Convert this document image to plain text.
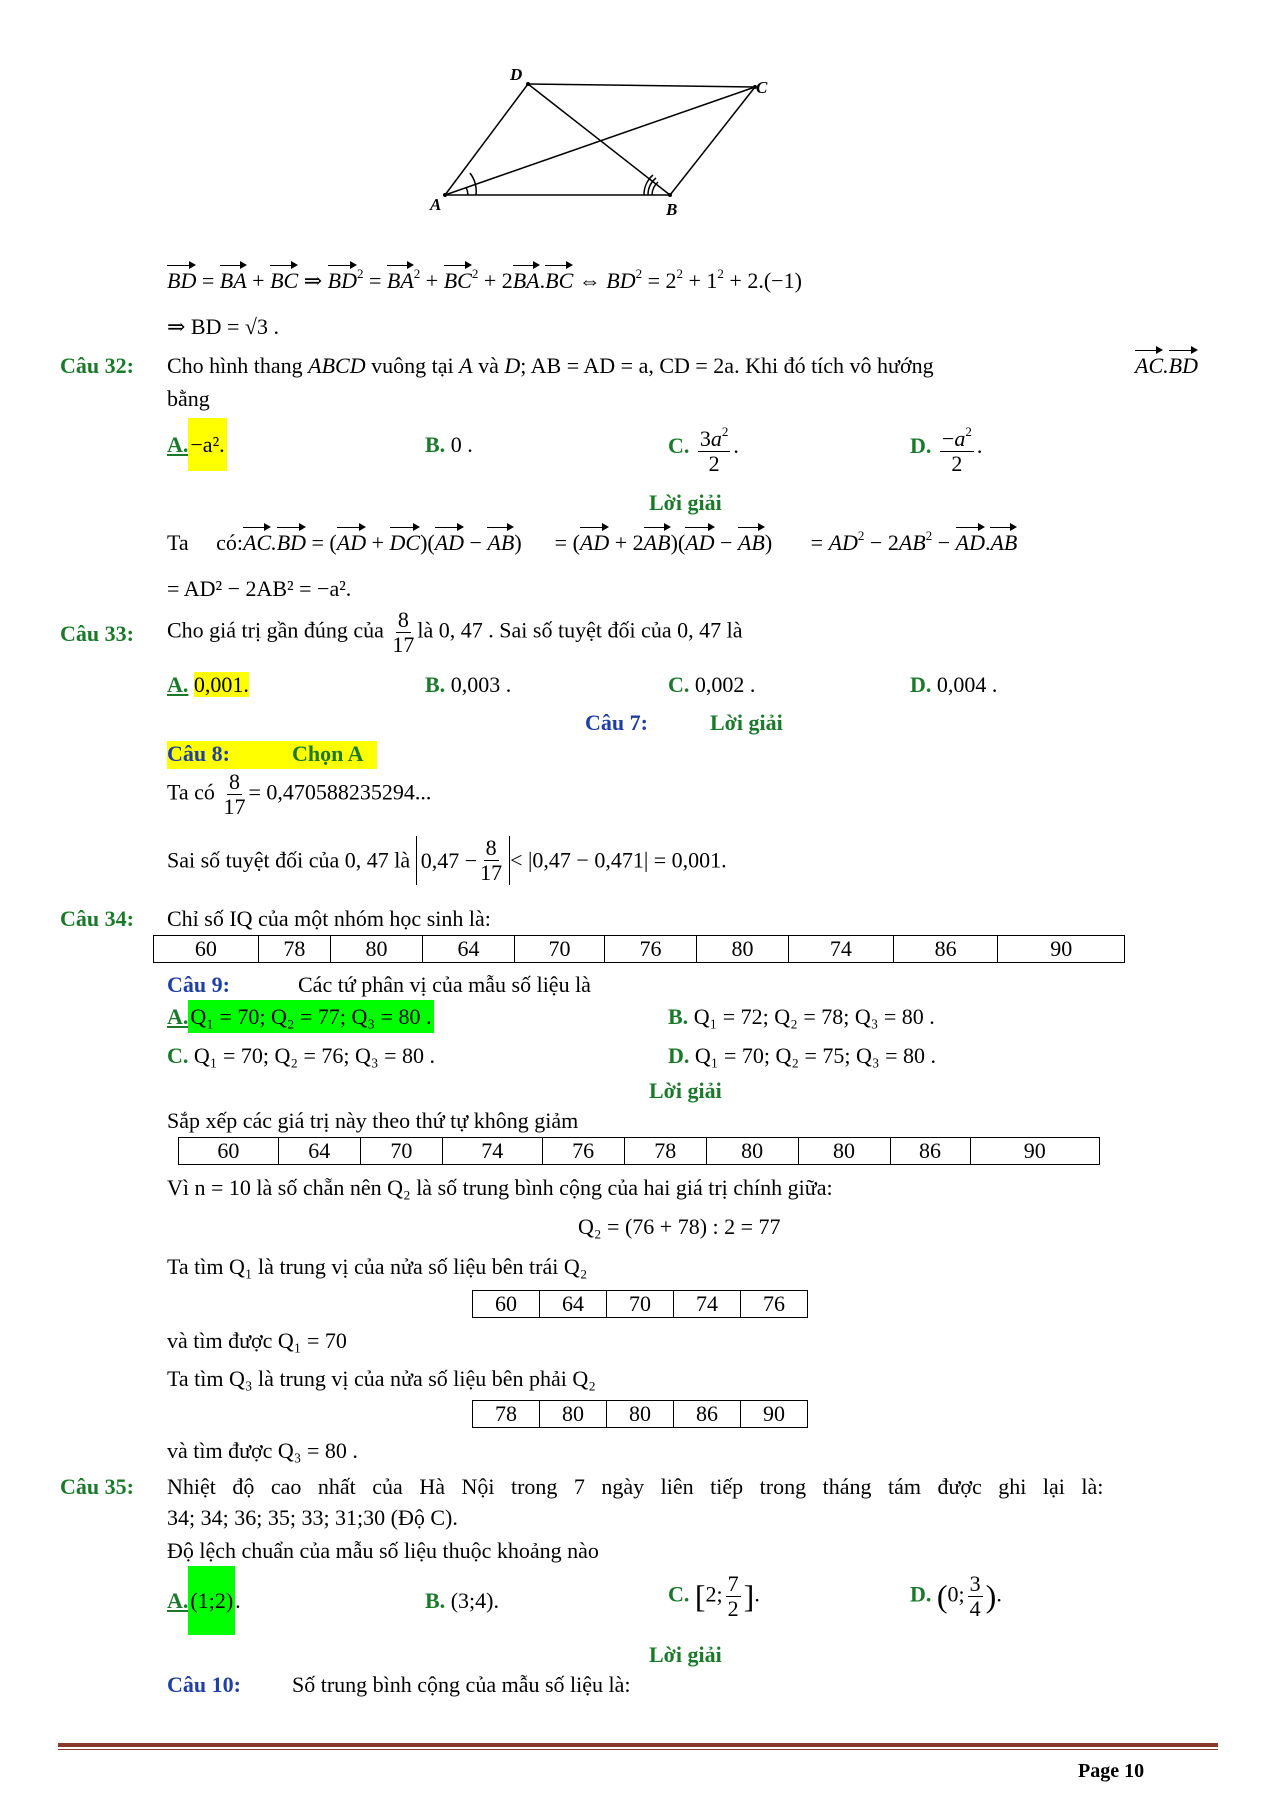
A	B
C
D
BD = BA + BC ⇒ $BD^2 = BA^2 + BC^2 + 2BA.BC$ ⇔ $BD^2 = 2^2 + 1^2 + 2.(-1)$
⇒ BD = √3 .
Câu 32: Cho hình thang ABCD vuông tại A và D; AB = AD = a, CD = 2a. Khi đó tích vô hướng	AC.BD
bằng
A.−a².	B. 0 .	C. $\frac{3a^2}{2}$ .	D. $\frac{-a^2}{2}$ .
Lời giải
Ta có:AC.BD = (AD + DC)(AD − AB)      = (AD + 2AB)(AD − AB)       = $AD^2 - 2AB^2 - AD.AB$
= AD² − 2AB² = −a².
Câu 33: Cho giá trị gần đúng của $\frac{8}{17}$ là 0, 47 . Sai số tuyệt đối của 0, 47 là
A. 0,001.	B. 0,003 .	C. 0,002 .	D. 0,004 .
Câu 7:	Lời giải
Câu 8:	Chọn A
Ta có $\frac{8}{17} = 0,470588235294$...
Sai số tuyệt đối của 0, 47 là $0,47 - \frac{8}{17} < |0,47 - 0,471| = 0,001$.
Câu 34: Chỉ số IQ của một nhóm học sinh là:
60	78	80	64	70	76	80	74	86	90
Câu 9:	Các tứ phân vị của mẫu số liệu là
A.Q₁ = 70; Q₂ = 77; Q₃ = 80 .	B. Q₁ = 72; Q₂ = 78; Q₃ = 80 .
C. Q₁ = 70; Q₂ = 76; Q₃ = 80 .	D. Q₁ = 70; Q₂ = 75; Q₃ = 80 .
Lời giải
Sắp xếp các giá trị này theo thứ tự không giảm
60	64	70	74	76	78	80	80	86	90
Vì n = 10 là số chẵn nên Q₂ là số trung bình cộng của hai giá trị chính giữa:
Q₂ = (76 + 78) : 2 = 77
Ta tìm Q₁ là trung vị của nửa số liệu bên trái Q₂
60	64	70	74	76
và tìm được Q₁ = 70
Ta tìm Q₃ là trung vị của nửa số liệu bên phải Q₂
78	80	80	86	90
và tìm được Q₃ = 80 .
Câu 35: Nhiệt   độ   cao   nhất   của   Hà   Nội   trong   7   ngày   liên   tiếp   trong   tháng   tám   được   ghi   lại   là:
34; 34; 36; 35; 33; 31;30 (Độ C).
Độ lệch chuẩn của mẫu số liệu thuộc khoảng nào
A.(1;2).	B. (3;4).	C. [2; $\frac{7}{2}$ ].	D. (0; $\frac{3}{4}$ ).
Lời giải
Câu 10: Số trung bình cộng của mẫu số liệu là:
Page 10
